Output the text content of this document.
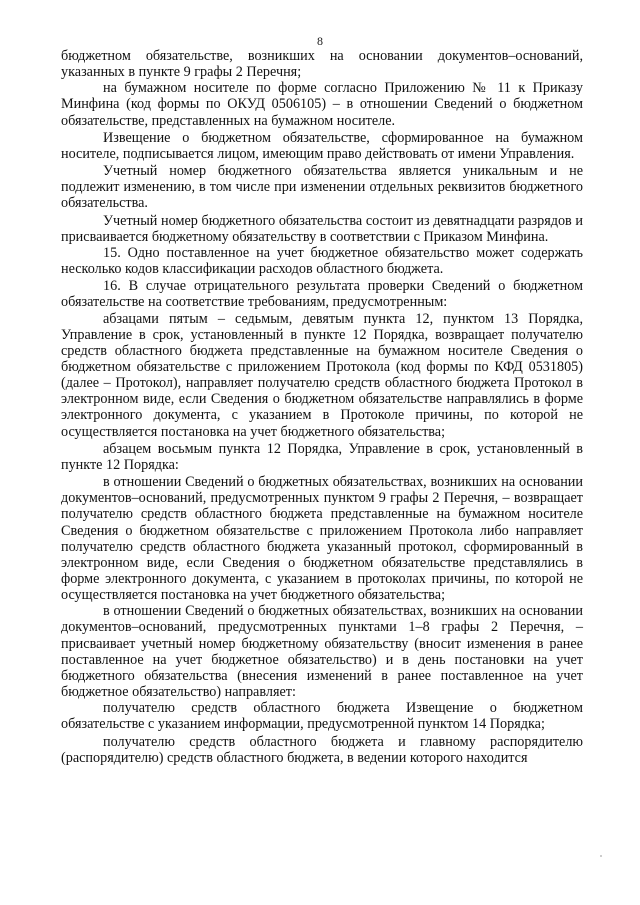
8

бюджетном обязательстве, возникших на основании документов–оснований, указанных в пункте 9 графы 2 Перечня;

на бумажном носителе по форме согласно Приложению № 11 к Приказу Минфина (код формы по ОКУД 0506105) – в отношении Сведений о бюджетном обязательстве, представленных на бумажном носителе.

Извещение о бюджетном обязательстве, сформированное на бумажном носителе, подписывается лицом, имеющим право действовать от имени Управления.

Учетный номер бюджетного обязательства является уникальным и не подлежит изменению, в том числе при изменении отдельных реквизитов бюджетного обязательства.

Учетный номер бюджетного обязательства состоит из девятнадцати разрядов и присваивается бюджетному обязательству в соответствии с Приказом Минфина.

15. Одно поставленное на учет бюджетное обязательство может содержать несколько кодов классификации расходов областного бюджета.

16. В случае отрицательного результата проверки Сведений о бюджетном обязательстве на соответствие требованиям, предусмотренным:

абзацами пятым – седьмым, девятым пункта 12, пунктом 13 Порядка, Управление в срок, установленный в пункте 12 Порядка, возвращает получателю средств областного бюджета представленные на бумажном носителе Сведения о бюджетном обязательстве с приложением Протокола (код формы по КФД 0531805) (далее – Протокол), направляет получателю средств областного бюджета Протокол в электронном виде, если Сведения о бюджетном обязательстве направлялись в форме электронного документа, с указанием в Протоколе причины, по которой не осуществляется постановка на учет бюджетного обязательства;

абзацем восьмым пункта 12 Порядка, Управление в срок, установленный в пункте 12 Порядка:

в отношении Сведений о бюджетных обязательствах, возникших на основании документов–оснований, предусмотренных пунктом 9 графы 2 Перечня, – возвращает получателю средств областного бюджета представленные на бумажном носителе Сведения о бюджетном обязательстве с приложением Протокола либо направляет получателю средств областного бюджета указанный протокол, сформированный в электронном виде, если Сведения о бюджетном обязательстве представлялись в форме электронного документа, с указанием в протоколах причины, по которой не осуществляется постановка на учет бюджетного обязательства;

в отношении Сведений о бюджетных обязательствах, возникших на основании документов–оснований, предусмотренных пунктами 1–8 графы 2 Перечня, – присваивает учетный номер бюджетному обязательству (вносит изменения в ранее поставленное на учет бюджетное обязательство) и в день постановки на учет бюджетного обязательства (внесения изменений в ранее поставленное на учет бюджетное обязательство) направляет:

получателю средств областного бюджета Извещение о бюджетном обязательстве с указанием информации, предусмотренной пунктом 14 Порядка;

получателю средств областного бюджета и главному распорядителю (распорядителю) средств областного бюджета, в ведении которого находится
